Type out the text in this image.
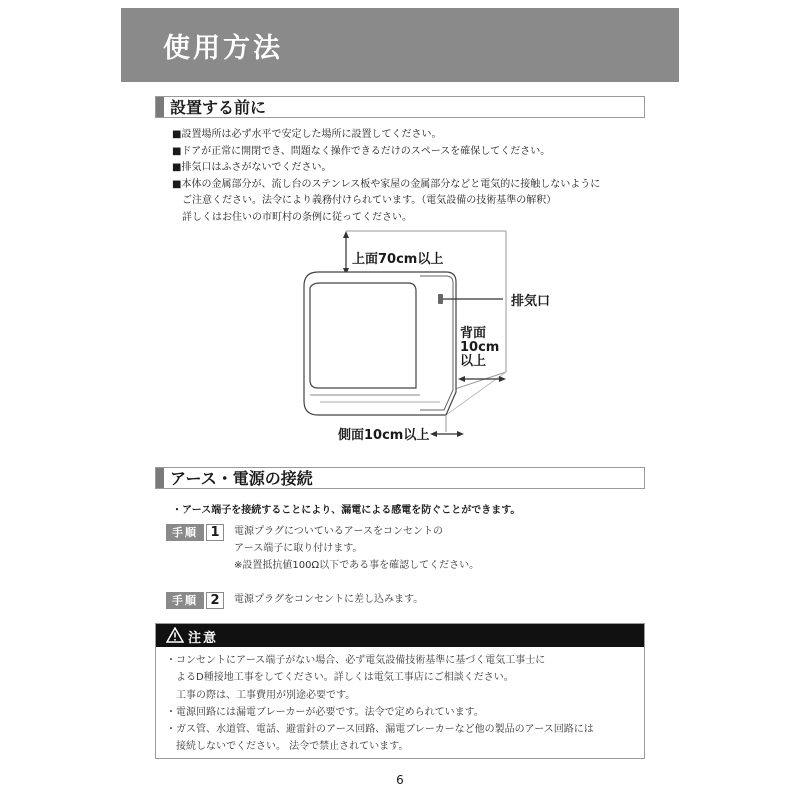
使用方法
設置する前に
■設置場所は必ず水平で安定した場所に設置してください。
■ドアが正常に開閉でき、問題なく操作できるだけのスペースを確保してください。
■排気口はふさがないでください。
■本体の金属部分が、流し台のステンレス板や家屋の金属部分などと電気的に接触しないように
ご注意ください。法令により義務付けられています。（電気設備の技術基準の解釈）
詳しくはお住いの市町村の条例に従ってください。
上面70cm以上
排気口
背面
10cm
以上
側面10cm以上
アース・電源の接続
・アース端子を接続することにより、漏電による感電を防ぐことができます。
手順 1	電源プラグについているアースをコンセントの
アース端子に取り付けます。
※設置抵抗値100Ω以下である事を確認してください。
手順 2	電源プラグをコンセントに差し込みます。
注意
・コンセントにアース端子がない場合、必ず電気設備技術基準に基づく電気工事士に
よるD種接地工事をしてください。詳しくは電気工事店にご相談ください。
工事の際は、工事費用が別途必要です。
・電源回路には漏電ブレーカーが必要です。法令で定められています。
・ガス管、水道管、電話、避雷針のアース回路、漏電ブレーカーなど他の製品のアース回路には
接続しないでください。 法令で禁止されています。
6
